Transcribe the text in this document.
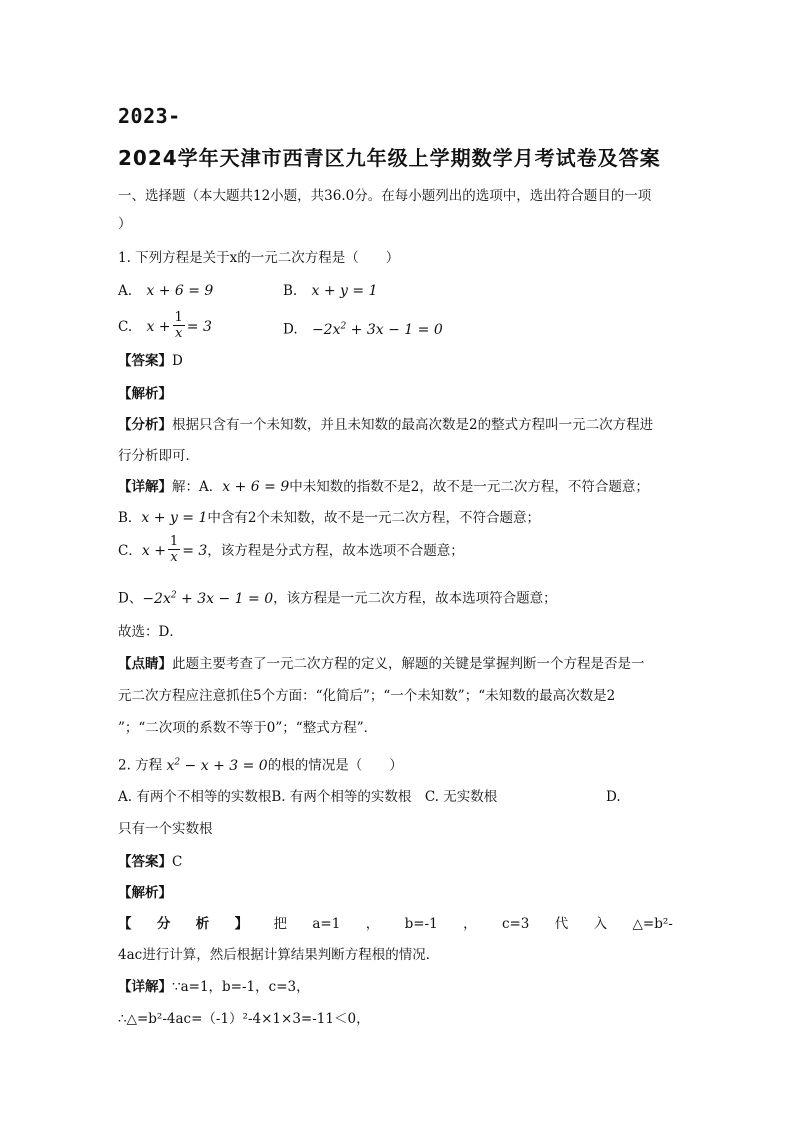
2023-
2024学年天津市西青区九年级上学期数学月考试卷及答案
一、选择题（本大题共12小题，共36.0分。在每小题列出的选项中，选出符合题目的一项
）
1. 下列方程是关于x的一元二次方程是（　　）
A. x + 6 = 9	B. x + y = 1
C. $x + \frac{1}{x} = 3$	D. $-2x^2 + 3x - 1 = 0$
【答案】D
【解析】
【分析】根据只含有一个未知数，并且未知数的最高次数是2的整式方程叫一元二次方程进
行分析即可．
【详解】解：A．x + 6 = 9中未知数的指数不是2，故不是一元二次方程，不符合题意；
B．x + y = 1中含有2个未知数，故不是一元二次方程，不符合题意；
C．$x + \frac{1}{x} = 3$，该方程是分式方程，故本选项不合题意；
D、$-2x^2 + 3x - 1 = 0$，该方程是一元二次方程，故本选项符合题意；
故选：D．
【点睛】此题主要考查了一元二次方程的定义，解题的关键是掌握判断一个方程是否是一
元二次方程应注意抓住5个方面：“化简后”；“一个未知数”；“未知数的最高次数是2
”；“二次项的系数不等于0”；“整式方程”．
2. 方程 $x^2 - x + 3 = 0$的根的情况是（　　）
A. 有两个不相等的实数根B. 有两个相等的实数根　C. 无实数根	D.
只有一个实数根
【答案】C
【解析】
【 分 析 】 把 a=1 ， b=-1 ， c=3 代 入 △=b²-
4ac进行计算，然后根据计算结果判断方程根的情况．
【详解】∵a=1，b=-1，c=3，
∴△=b²-4ac=（-1）²-4×1×3=-11＜0，
